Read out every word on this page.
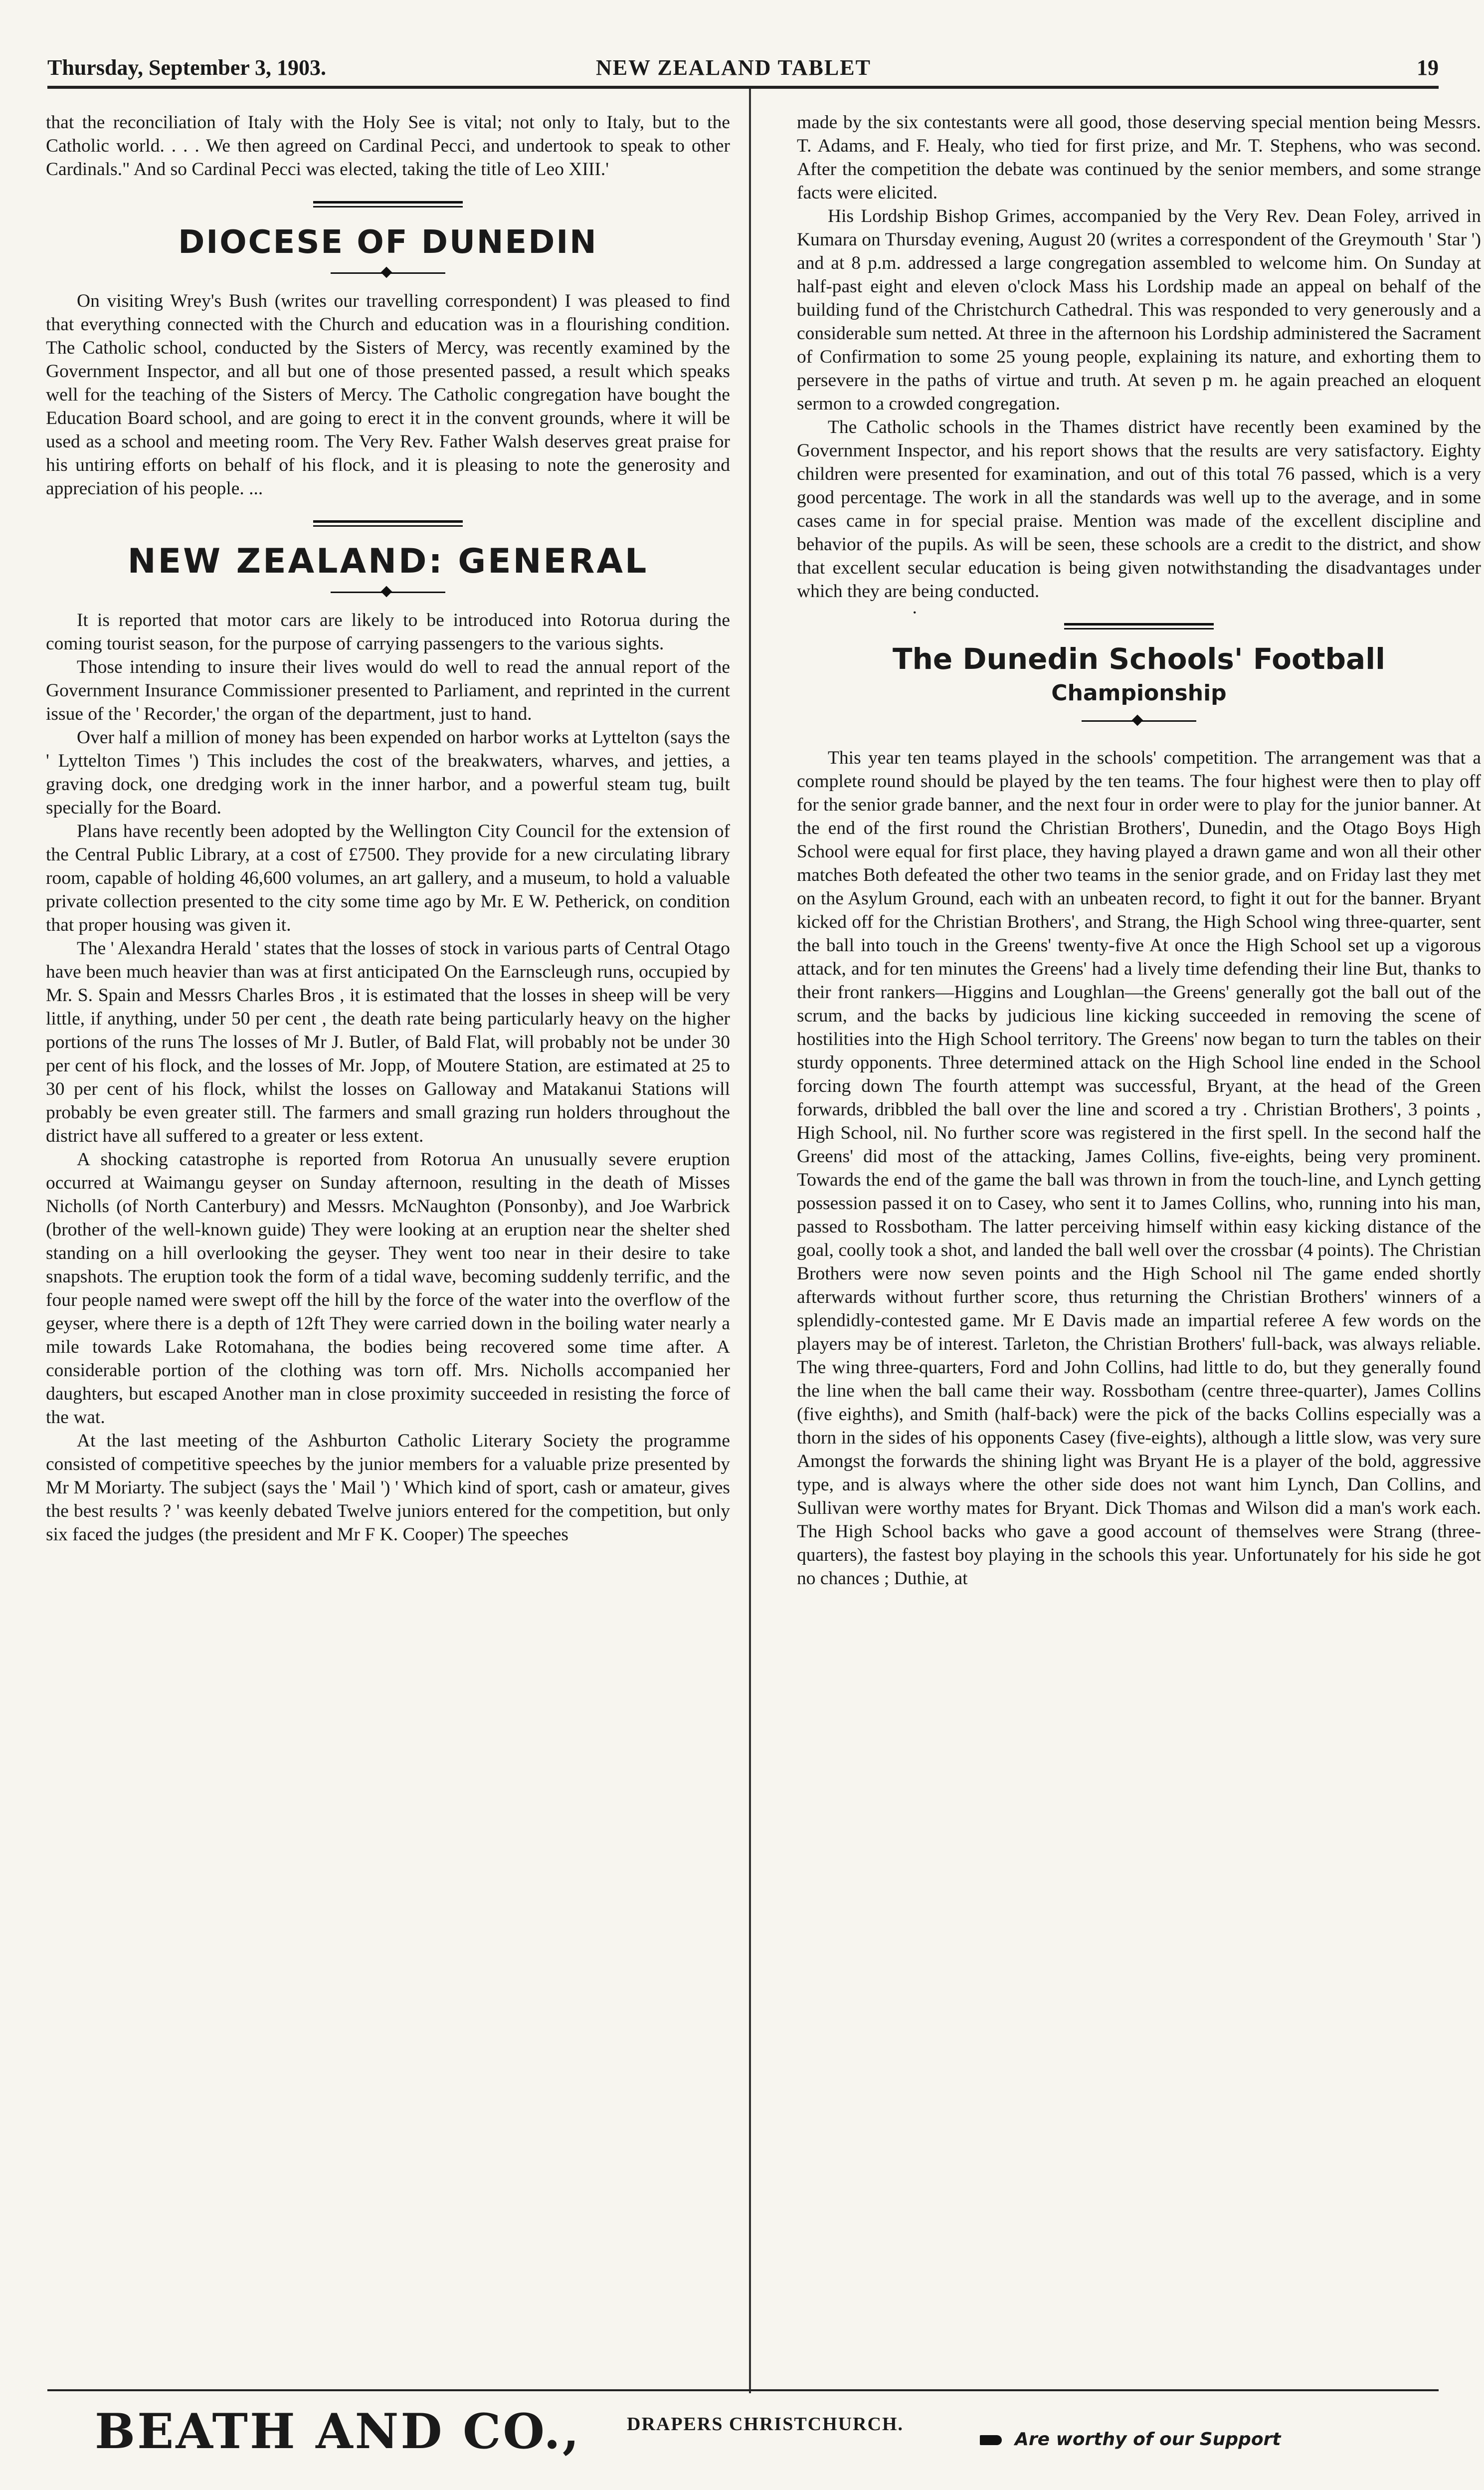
Thursday, September 3, 1903.	NEW ZEALAND TABLET	19

that the reconciliation of Italy with the Holy See is vital; not only to Italy, but to the Catholic world. . . . We then agreed on Cardinal Pecci, and undertook to speak to other Cardinals." And so Cardinal Pecci was elected, taking the title of Leo XIII.'

DIOCESE OF DUNEDIN

On visiting Wrey's Bush (writes our travelling correspondent) I was pleased to find that everything connected with the Church and education was in a flourishing condition. The Catholic school, conducted by the Sisters of Mercy, was recently examined by the Government Inspector, and all but one of those presented passed, a result which speaks well for the teaching of the Sisters of Mercy. The Catholic congregation have bought the Education Board school, and are going to erect it in the convent grounds, where it will be used as a school and meeting room. The Very Rev. Father Walsh deserves great praise for his untiring efforts on behalf of his flock, and it is pleasing to note the generosity and appreciation of his people. ...

NEW ZEALAND: GENERAL

It is reported that motor cars are likely to be introduced into Rotorua during the coming tourist season, for the purpose of carrying passengers to the various sights.

Those intending to insure their lives would do well to read the annual report of the Government Insurance Commissioner presented to Parliament, and reprinted in the current issue of the ' Recorder,' the organ of the department, just to hand.

Over half a million of money has been expended on harbor works at Lyttelton (says the ' Lyttelton Times ') This includes the cost of the breakwaters, wharves, and jetties, a graving dock, one dredging work in the inner harbor, and a powerful steam tug, built specially for the Board.

Plans have recently been adopted by the Wellington City Council for the extension of the Central Public Library, at a cost of £7500. They provide for a new circulating library room, capable of holding 46,600 volumes, an art gallery, and a museum, to hold a valuable private collection presented to the city some time ago by Mr. E W. Petherick, on condition that proper housing was given it.

The ' Alexandra Herald ' states that the losses of stock in various parts of Central Otago have been much heavier than was at first anticipated On the Earnscleugh runs, occupied by Mr. S. Spain and Messrs Charles Bros , it is estimated that the losses in sheep will be very little, if anything, under 50 per cent , the death rate being particularly heavy on the higher portions of the runs The losses of Mr J. Butler, of Bald Flat, will probably not be under 30 per cent of his flock, and the losses of Mr. Jopp, of Moutere Station, are estimated at 25 to 30 per cent of his flock, whilst the losses on Galloway and Matakanui Stations will probably be even greater still. The farmers and small grazing run holders throughout the district have all suffered to a greater or less extent.

A shocking catastrophe is reported from Rotorua An unusually severe eruption occurred at Waimangu geyser on Sunday afternoon, resulting in the death of Misses Nicholls (of North Canterbury) and Messrs. McNaughton (Ponsonby), and Joe Warbrick (brother of the well-known guide) They were looking at an eruption near the shelter shed standing on a hill overlooking the geyser. They went too near in their desire to take snapshots. The eruption took the form of a tidal wave, becoming suddenly terrific, and the four people named were swept off the hill by the force of the water into the overflow of the geyser, where there is a depth of 12ft They were carried down in the boiling water nearly a mile towards Lake Rotomahana, the bodies being recovered some time after. A considerable portion of the clothing was torn off. Mrs. Nicholls accompanied her daughters, but escaped Another man in close proximity succeeded in resisting the force of the wat.

At the last meeting of the Ashburton Catholic Literary Society the programme consisted of competitive speeches by the junior members for a valuable prize presented by Mr M Moriarty. The subject (says the ' Mail ') ' Which kind of sport, cash or amateur, gives the best results ? ' was keenly debated Twelve juniors entered for the competition, but only six faced the judges (the president and Mr F K. Cooper) The speeches

made by the six contestants were all good, those deserving special mention being Messrs. T. Adams, and F. Healy, who tied for first prize, and Mr. T. Stephens, who was second. After the competition the debate was continued by the senior members, and some strange facts were elicited.

His Lordship Bishop Grimes, accompanied by the Very Rev. Dean Foley, arrived in Kumara on Thursday evening, August 20 (writes a correspondent of the Greymouth ' Star ') and at 8 p.m. addressed a large congregation assembled to welcome him. On Sunday at half-past eight and eleven o'clock Mass his Lordship made an appeal on behalf of the building fund of the Christchurch Cathedral. This was responded to very generously and a considerable sum netted. At three in the afternoon his Lordship administered the Sacrament of Confirmation to some 25 young people, explaining its nature, and exhorting them to persevere in the paths of virtue and truth. At seven p m. he again preached an eloquent sermon to a crowded congregation.

The Catholic schools in the Thames district have recently been examined by the Government Inspector, and his report shows that the results are very satisfactory. Eighty children were presented for examination, and out of this total 76 passed, which is a very good percentage. The work in all the standards was well up to the average, and in some cases came in for special praise. Mention was made of the excellent discipline and behavior of the pupils. As will be seen, these schools are a credit to the district, and show that excellent secular education is being given notwithstanding the disadvantages under which they are being conducted.

·
The Dunedin Schools' Football
Championship

This year ten teams played in the schools' competition. The arrangement was that a complete round should be played by the ten teams. The four highest were then to play off for the senior grade banner, and the next four in order were to play for the junior banner. At the end of the first round the Christian Brothers', Dunedin, and the Otago Boys High School were equal for first place, they having played a drawn game and won all their other matches Both defeated the other two teams in the senior grade, and on Friday last they met on the Asylum Ground, each with an unbeaten record, to fight it out for the banner. Bryant kicked off for the Christian Brothers', and Strang, the High School wing three-quarter, sent the ball into touch in the Greens' twenty-five At once the High School set up a vigorous attack, and for ten minutes the Greens' had a lively time defending their line But, thanks to their front rankers—Higgins and Loughlan—the Greens' generally got the ball out of the scrum, and the backs by judicious line kicking succeeded in removing the scene of hostilities into the High School territory. The Greens' now began to turn the tables on their sturdy opponents. Three determined attack on the High School line ended in the School forcing down The fourth attempt was successful, Bryant, at the head of the Green forwards, dribbled the ball over the line and scored a try . Christian Brothers', 3 points , High School, nil. No further score was registered in the first spell. In the second half the Greens' did most of the attacking, James Collins, five-eights, being very prominent. Towards the end of the game the ball was thrown in from the touch-line, and Lynch getting possession passed it on to Casey, who sent it to James Collins, who, running into his man, passed to Rossbotham. The latter perceiving himself within easy kicking distance of the goal, coolly took a shot, and landed the ball well over the crossbar (4 points). The Christian Brothers were now seven points and the High School nil The game ended shortly afterwards without further score, thus returning the Christian Brothers' winners of a splendidly-contested game. Mr E Davis made an impartial referee A few words on the players may be of interest. Tarleton, the Christian Brothers' full-back, was always reliable. The wing three-quarters, Ford and John Collins, had little to do, but they generally found the line when the ball came their way. Rossbotham (centre three-quarter), James Collins (five eighths), and Smith (half-back) were the pick of the backs Collins especially was a thorn in the sides of his opponents Casey (five-eights), although a little slow, was very sure Amongst the forwards the shining light was Bryant He is a player of the bold, aggressive type, and is always where the other side does not want him Lynch, Dan Collins, and Sullivan were worthy mates for Bryant. Dick Thomas and Wilson did a man's work each. The High School backs who gave a good account of themselves were Strang (three-quarters), the fastest boy playing in the schools this year. Unfortunately for his side he got no chances ; Duthie, at

BEATH AND CO., DRAPERS CHRISTCHURCH.
Are worthy of our Support
